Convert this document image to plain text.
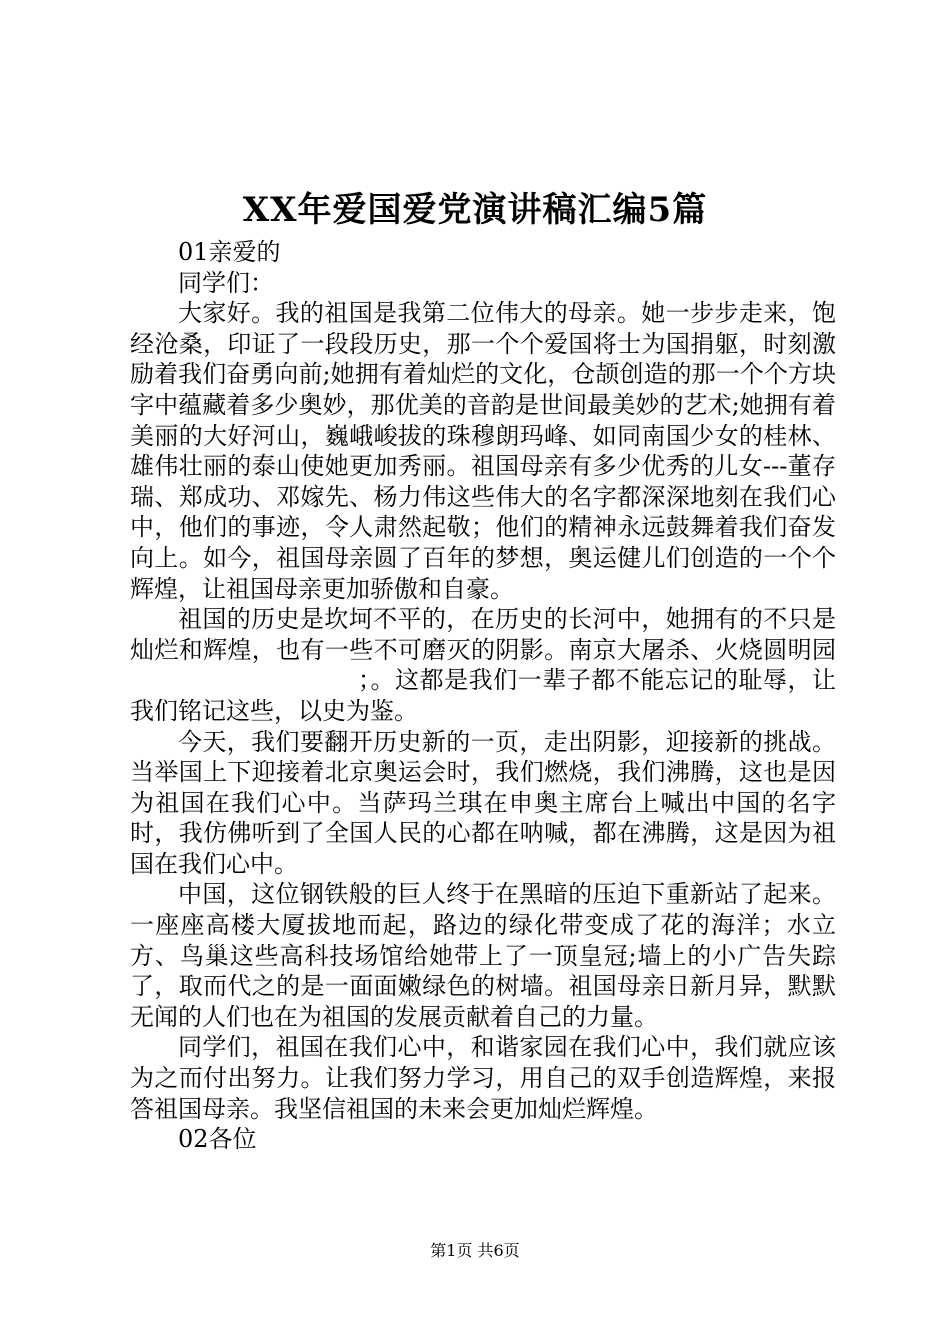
XX年爱国爱党演讲稿汇编5篇

01亲爱的

同学们：

大家好。我的祖国是我第二位伟大的母亲。她一步步走来，饱经沧桑，印证了一段段历史，那一个个爱国将士为国捐躯，时刻激励着我们奋勇向前;她拥有着灿烂的文化，仓颉创造的那一个个方块字中蕴藏着多少奥妙，那优美的音韵是世间最美妙的艺术;她拥有着美丽的大好河山，巍峨峻拔的珠穆朗玛峰、如同南国少女的桂林、雄伟壮丽的泰山使她更加秀丽。祖国母亲有多少优秀的儿女---董存瑞、郑成功、邓嫁先、杨力伟这些伟大的名字都深深地刻在我们心中，他们的事迹，令人肃然起敬；他们的精神永远鼓舞着我们奋发向上。如今，祖国母亲圆了百年的梦想，奥运健儿们创造的一个个辉煌，让祖国母亲更加骄傲和自豪。

祖国的历史是坎坷不平的，在历史的长河中，她拥有的不只是灿烂和辉煌，也有一些不可磨灭的阴影。南京大屠杀、火烧圆明园；。这都是我们一辈子都不能忘记的耻辱，让我们铭记这些，以史为鉴。

今天，我们要翻开历史新的一页，走出阴影，迎接新的挑战。当举国上下迎接着北京奥运会时，我们燃烧，我们沸腾，这也是因为祖国在我们心中。当萨玛兰琪在申奥主席台上喊出中国的名字时，我仿佛听到了全国人民的心都在呐喊，都在沸腾，这是因为祖国在我们心中。

中国，这位钢铁般的巨人终于在黑暗的压迫下重新站了起来。一座座高楼大厦拔地而起，路边的绿化带变成了花的海洋；水立方、鸟巢这些高科技场馆给她带上了一顶皇冠;墙上的小广告失踪了，取而代之的是一面面嫩绿色的树墙。祖国母亲日新月异，默默无闻的人们也在为祖国的发展贡献着自己的力量。

同学们，祖国在我们心中，和谐家园在我们心中，我们就应该为之而付出努力。让我们努力学习，用自己的双手创造辉煌，来报答祖国母亲。我坚信祖国的未来会更加灿烂辉煌。

02各位

第1页 共6页
